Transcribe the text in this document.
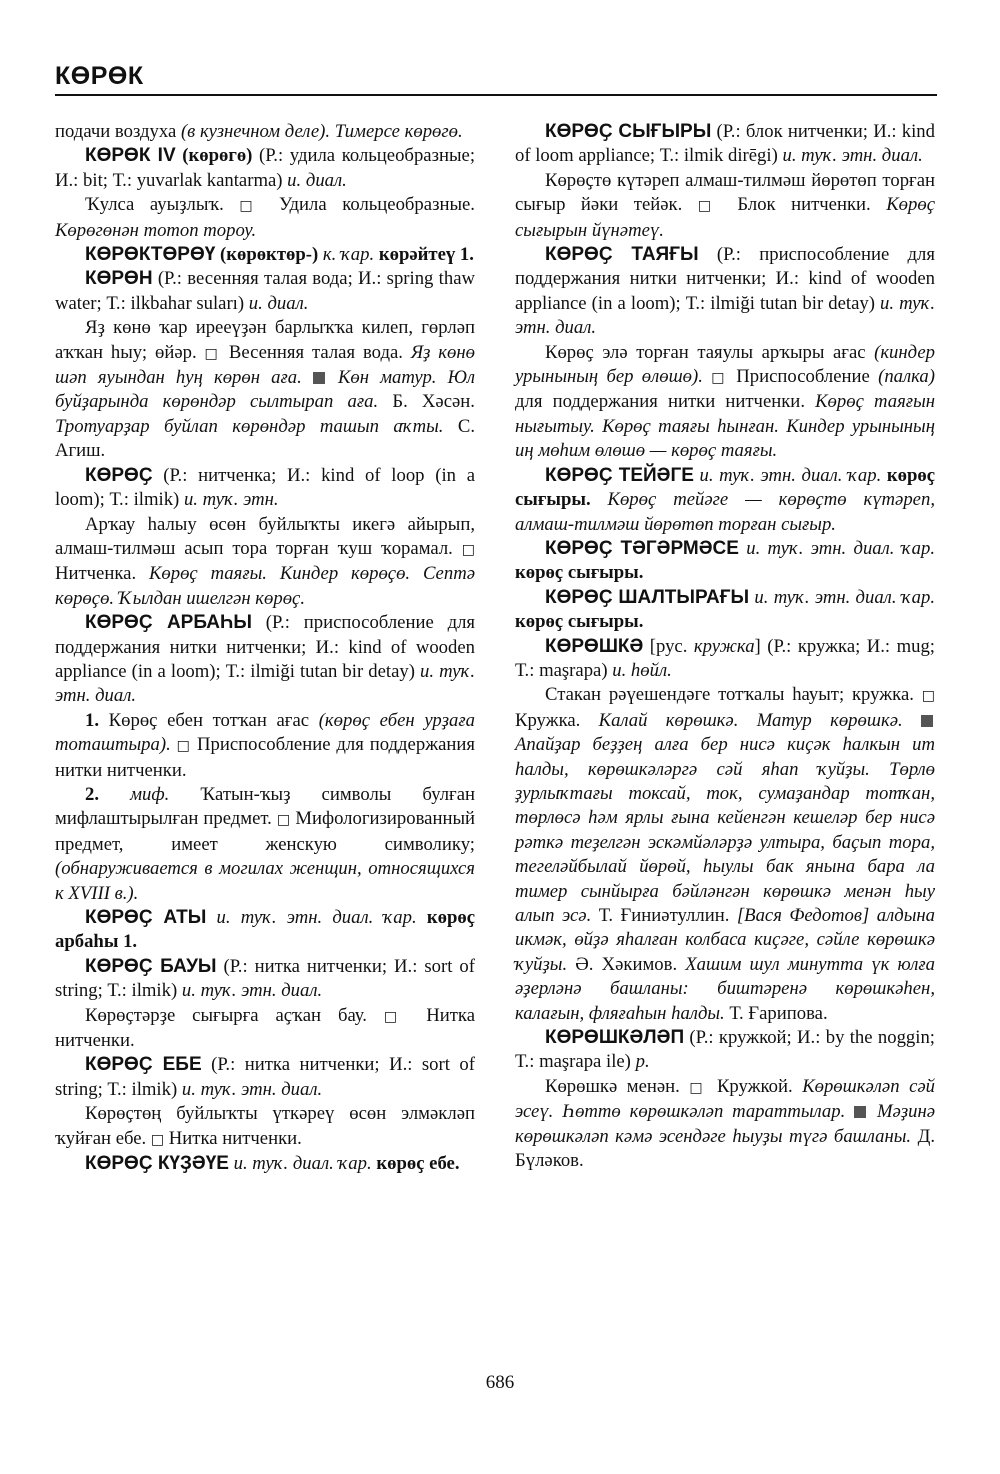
КӨРӨК

подачи воздуха (в кузнечном деле). Тимерсе көрөгө.

КӨРӨК IV (көрөгө) (Р.: удила кольцеобразные; И.: bit; Т.: yuvarlak kantarma) и. диал.

Ҡулса ауыҙлыҡ. □ Удила кольцеобразные. Көрөгөнән тотоп тороу.

КӨРӨКТӨРӨҮ (көрөктөр-) к. ҡар. көрәйтеү 1.

КӨРӨН (Р.: весенняя талая вода; И.: spring thaw water; Т.: ilkbahar suları) и. диал.

Яҙ көнө ҡар ирееүҙән барлыҡҡа килеп, гөрләп аҡҡан һыу; өйәр. □ Весенняя талая вода. Яҙ көнө шәп яуындан һуң көрөн аға. Көн матур. Юл буйҙарында көрөндәр сылтырап аға. Б. Хәсән. Тротуарҙар буйлап көрөндәр ташып аҡты. С. Агиш.

КӨРӨҪ (Р.: нитченка; И.: kind of loop (in a loom); Т.: ilmik) и. туҡ. этн.

Арҡау һалыу өсөн буйлыҡты икегә айырып, алмаш-тилмәш асып тора торған ҡуш ҡорамал. □ Нитченка. Көрөҫ таяғы. Киндер көрөҫө. Септә көрөҫө. Ҡылдан ишелгән көрөҫ.

КӨРӨҪ АРБАҺЫ (Р.: приспособление для поддержания нитки нитченки; И.: kind of wooden appliance (in a loom); Т.: ilmiği tutan bir detay) и. туҡ. этн. диал.

1. Көрөҫ ебен тотҡан ағас (көрөҫ ебен урҙаға тоташтыра). □ Приспособление для поддержания нитки нитченки.

2. миф. Ҡатын-ҡыҙ символы булған мифлаштырылған предмет. □ Мифологизированный предмет, имеет женскую символику; (обнаруживается в могилах женщин, относящихся к XVIII в.).

КӨРӨҪ АТЫ и. туҡ. этн. диал. ҡар. көрөҫ арбаһы 1.

КӨРӨҪ БАУЫ (Р.: нитка нитченки; И.: sort of string; Т.: ilmik) и. туҡ. этн. диал.

Көрөҫтәрҙе сығырға аҫҡан бау. □ Нитка нитченки.

КӨРӨҪ ЕБЕ (Р.: нитка нитченки; И.: sort of string; Т.: ilmik) и. туҡ. этн. диал.

Көрөҫтөң буйлыҡты үткәреү өсөн элмәкләп ҡуйған ебе. □ Нитка нитченки.

КӨРӨҪ КҮҘӘҮЕ и. туҡ. диал. ҡар. көрөҫ ебе.

КӨРӨҪ СЫҒЫРЫ (Р.: блок нитченки; И.: kind of loom appliance; Т.: ilmik dirēgi) и. туҡ. этн. диал.

Көрөҫтө күтәреп алмаш-тилмәш йөрөтөп торған сығыр йәки тейәк. □ Блок нитченки. Көрөҫ сығырын йүнәтеү.

КӨРӨҪ ТАЯҒЫ (Р.: приспособление для поддержания нитки нитченки; И.: kind of wooden appliance (in a loom); Т.: ilmiği tutan bir detay) и. туҡ. этн. диал.

Көрөҫ элә торған таяулы арҡыры ағас (киндер урынының бер өлөшө). □ Приспособление (палка) для поддержания нитки нитченки. Көрөҫ таяғын нығытыу. Көрөҫ таяғы һынған. Киндер урынының иң мөһим өлөшө — көрөҫ таяғы.

КӨРӨҪ ТЕЙӘГЕ и. туҡ. этн. диал. ҡар. көрөҫ сығыры. Көрөҫ тейәге — көрөҫтө күтәреп, алмаш-тилмәш йөрөтөп торған сығыр.

КӨРӨҪ ТӘГӘРМӘСЕ и. туҡ. этн. диал. ҡар. көрөҫ сығыры.

КӨРӨҪ ШАЛТЫРАҒЫ и. туҡ. этн. диал. ҡар. көрөҫ сығыры.

КӨРӨШКӘ [рус. кружка] (Р.: кружка; И.: mug; Т.: maşrapa) и. һөйл.

Стакан рәүешендәге тотҡалы һауыт; кружка. □ Кружка. Калай көрөшкә. Матур көрөшкә.  Апайҙар беҙҙең алға бер нисә киҫәк һалкын ит һалды, көрөшкәләргә сәй яһап ҡуйҙы. Төрлө ҙурлыҡтағы токсай, ток, сумаҙандар тотҡан, төрлөсә һәм ярлы ғына кейенгән кешеләр бер нисә рәткә теҙелгән эскәмйәләрҙә ултыра, баҫып тора, тегеләйбылай йөрөй, һыулы бак янына бара ла тимер сынйырға бәйләнгән көрөшкә менән һыу алып эсә. Т. Ғиниәтуллин. [Вася Федотов] алдына икмәк, өйҙә яһалған колбаса киҫәге, сәйле көрөшкә ҡуйҙы. Ә. Хәкимов. Хашим шул минутта үк юлға әҙерләнә башланы: биштәренә көрөшкәһен, калағын, фляғаһын һалды. Т. Ғарипова.

КӨРӨШКӘЛӘП (Р.: кружкой; И.: by the noggin; Т.: maşrapa ile) р.

Көрөшкә менән. □ Кружкой. Көрөшкәләп сәй эсеү. Һөттө көрөшкәләп тараттылар. Мәҙинә көрөшкәләп кәмә эсендәге һыуҙы түгә башланы. Д. Бүләков.

686
